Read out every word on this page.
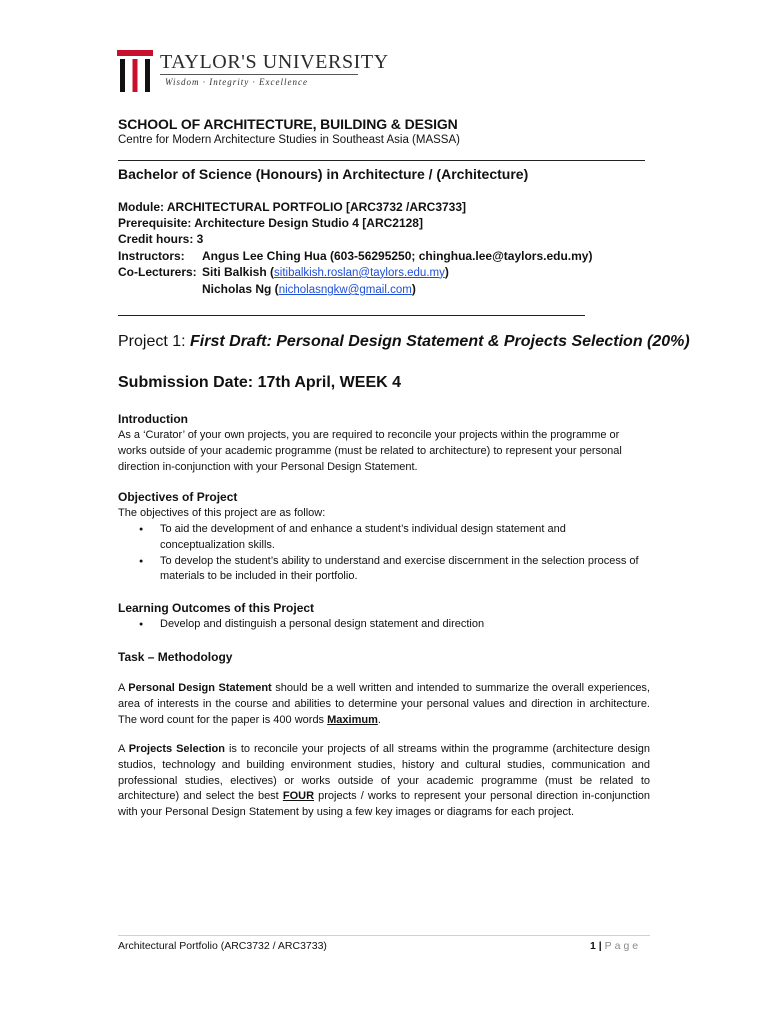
TAYLOR'S UNIVERSITY
Wisdom · Integrity · Excellence
SCHOOL OF ARCHITECTURE, BUILDING & DESIGN
Centre for Modern Architecture Studies in Southeast Asia (MASSA)
Bachelor of Science (Honours) in Architecture / (Architecture)
Module: ARCHITECTURAL PORTFOLIO [ARC3732 /ARC3733]
Prerequisite: Architecture Design Studio 4 [ARC2128]
Credit hours: 3
Instructors: Angus Lee Ching Hua (603-56295250; chinghua.lee@taylors.edu.my)
Co-Lecturers: Siti Balkish (sitibalkish.roslan@taylors.edu.my)
Nicholas Ng (nicholasngkw@gmail.com)
Project 1: First Draft: Personal Design Statement & Projects Selection (20%)
Submission Date: 17th April, WEEK 4
Introduction
As a ‘Curator’ of your own projects, you are required to reconcile your projects within the programme or works outside of your academic programme (must be related to architecture) to represent your personal direction in-conjunction with your Personal Design Statement.
Objectives of Project
The objectives of this project are as follow:
● To aid the development of and enhance a student’s individual design statement and conceptualization skills.
● To develop the student’s ability to understand and exercise discernment in the selection process of materials to be included in their portfolio.
Learning Outcomes of this Project
● Develop and distinguish a personal design statement and direction
Task – Methodology
A Personal Design Statement should be a well written and intended to summarize the overall experiences, area of interests in the course and abilities to determine your personal values and direction in architecture. The word count for the paper is 400 words Maximum.
A Projects Selection is to reconcile your projects of all streams within the programme (architecture design studios, technology and building environment studies, history and cultural studies, communication and professional studies, electives) or works outside of your academic programme (must be related to architecture) and select the best FOUR projects / works to represent your personal direction in-conjunction with your Personal Design Statement by using a few key images or diagrams for each project.
Architectural Portfolio (ARC3732 / ARC3733)	1 | Page
